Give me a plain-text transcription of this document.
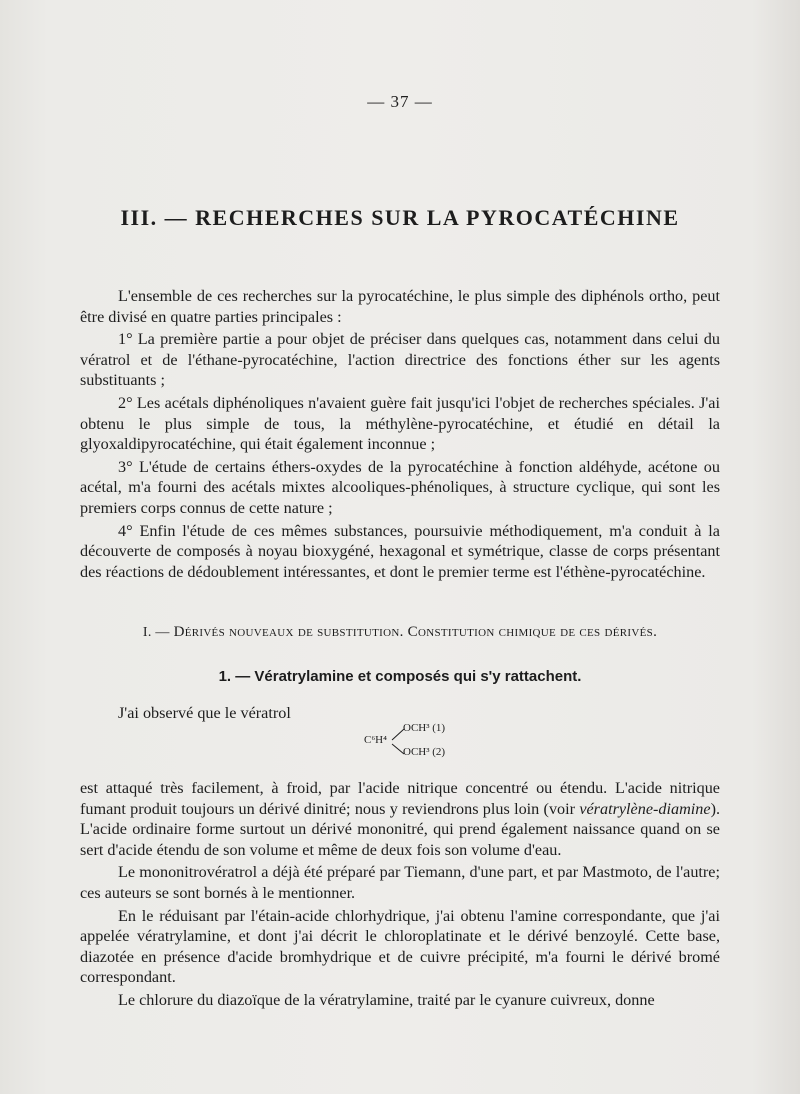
— 37 —
III. — RECHERCHES SUR LA PYROCATÉCHINE

L'ensemble de ces recherches sur la pyrocatéchine, le plus simple des diphénols ortho, peut être divisé en quatre parties principales :

1° La première partie a pour objet de préciser dans quelques cas, notamment dans celui du vératrol et de l'éthane-pyrocatéchine, l'action directrice des fonctions éther sur les agents substituants ;

2° Les acétals diphénoliques n'avaient guère fait jusqu'ici l'objet de recherches spéciales. J'ai obtenu le plus simple de tous, la méthylène-pyrocatéchine, et étudié en détail la glyoxaldipyrocatéchine, qui était également inconnue ;

3° L'étude de certains éthers-oxydes de la pyrocatéchine à fonction aldéhyde, acétone ou acétal, m'a fourni des acétals mixtes alcooliques-phénoliques, à structure cyclique, qui sont les premiers corps connus de cette nature ;

4° Enfin l'étude de ces mêmes substances, poursuivie méthodiquement, m'a conduit à la découverte de composés à noyau bioxygéné, hexagonal et symétrique, classe de corps présentant des réactions de dédoublement intéressantes, et dont le premier terme est l'éthène-pyrocatéchine.

I. — Dérivés nouveaux de substitution. Constitution chimique de ces dérivés.
1. — Vératrylamine et composés qui s'y rattachent.
J'ai observé que le vératrol
C⁶H⁴
OCH³ (1)
OCH³ (2)

est attaqué très facilement, à froid, par l'acide nitrique concentré ou étendu. L'acide nitrique fumant produit toujours un dérivé dinitré; nous y reviendrons plus loin (voir vératrylène-diamine). L'acide ordinaire forme surtout un dérivé mononitré, qui prend également naissance quand on se sert d'acide étendu de son volume et même de deux fois son volume d'eau.

Le mononitrovératrol a déjà été préparé par Tiemann, d'une part, et par Mastmoto, de l'autre; ces auteurs se sont bornés à le mentionner.

En le réduisant par l'étain-acide chlorhydrique, j'ai obtenu l'amine correspondante, que j'ai appelée vératrylamine, et dont j'ai décrit le chloroplatinate et le dérivé benzoylé. Cette base, diazotée en présence d'acide bromhydrique et de cuivre précipité, m'a fourni le dérivé bromé correspondant.

Le chlorure du diazoïque de la vératrylamine, traité par le cyanure cuivreux, donne
